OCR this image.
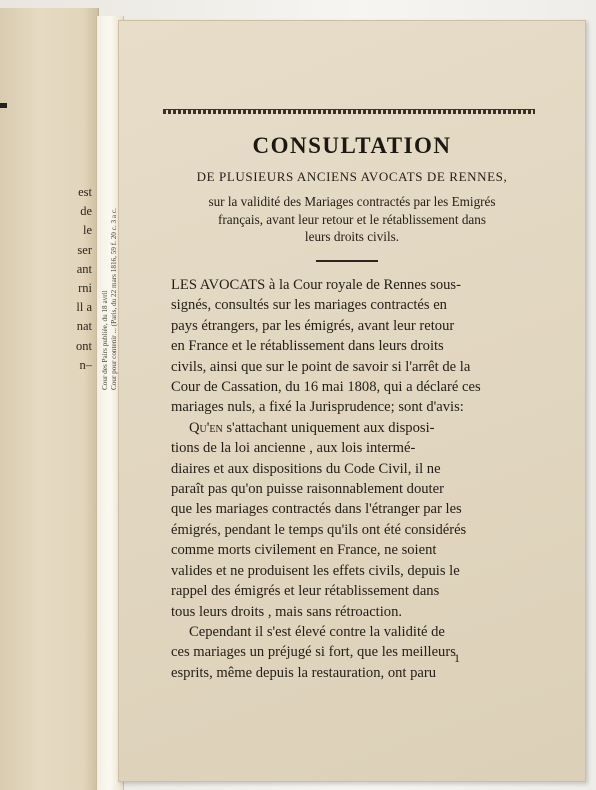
est
de
le
ser
ant
rni
ll a
nat
ont
n– Cour des Pairs publiée, du 18 avril Cour pour contenir ... (Paris, du 22 mars 1816, 59 f. 20 c. 3 a c.
CONSULTATION
DE PLUSIEURS ANCIENS AVOCATS DE RENNES,
sur la validité des Mariages contractés par les Emigrés
français, avant leur retour et le rétablissement dans
leurs droits civils.
LES AVOCATS à la Cour royale de Rennes sous-
signés, consultés sur les mariages contractés en
pays étrangers, par les émigrés, avant leur retour
en France et le rétablissement dans leurs droits
civils, ainsi que sur le point de savoir si l'arrêt de la
Cour de Cassation, du 16 mai 1808, qui a déclaré ces
mariages nuls, a fixé la Jurisprudence; sont d'avis:
Qu'en s'attachant uniquement aux disposi-
tions de la loi ancienne , aux lois intermé-
diaires et aux dispositions du Code Civil, il ne
paraît pas qu'on puisse raisonnablement douter
que les mariages contractés dans l'étranger par les
émigrés, pendant le temps qu'ils ont été considérés
comme morts civilement en France, ne soient
valides et ne produisent les effets civils, depuis le
rappel des émigrés et leur rétablissement dans
tous leurs droits , mais sans rétroaction.
Cependant il s'est élevé contre la validité de
ces mariages un préjugé si fort, que les meilleurs
esprits, même depuis la restauration, ont paru
1
